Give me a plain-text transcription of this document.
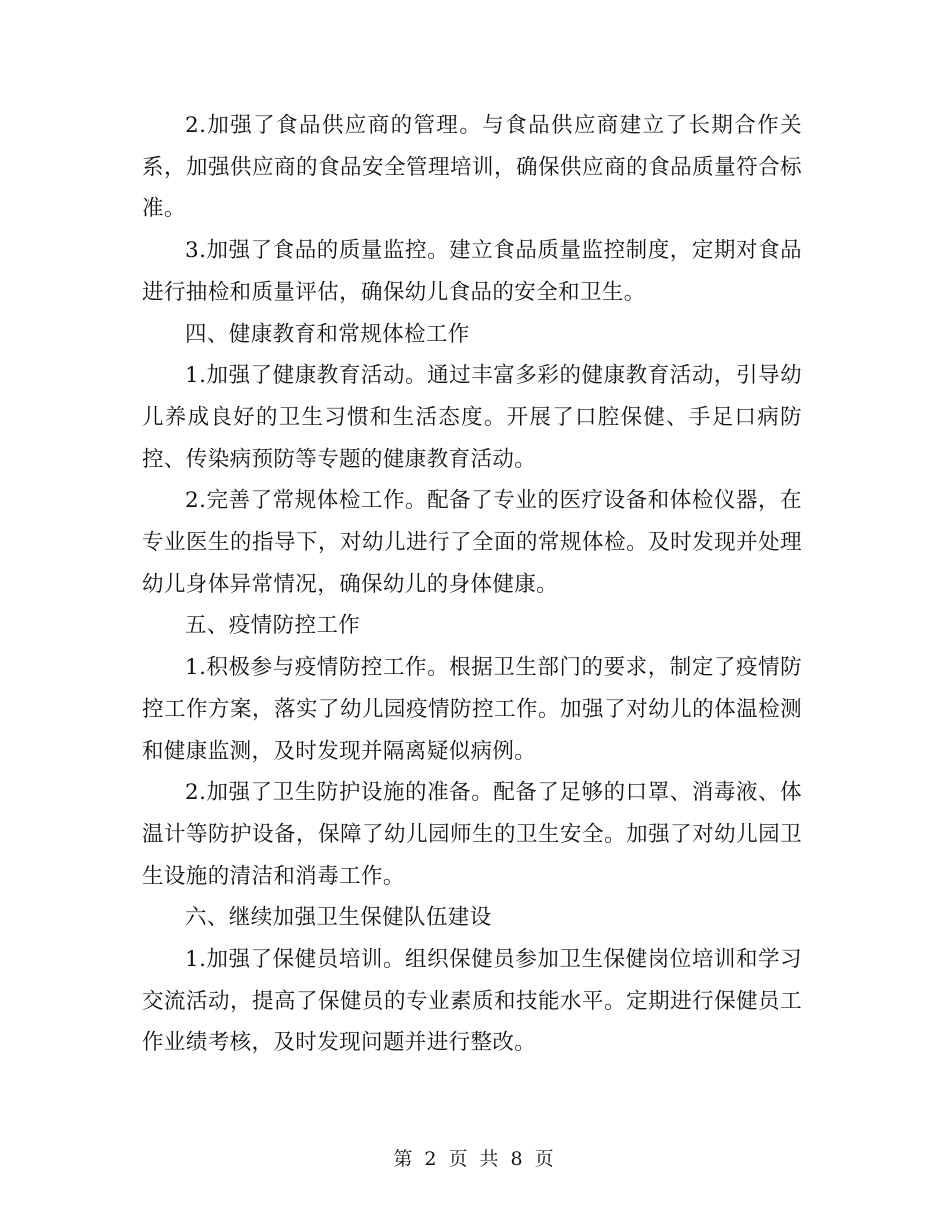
2.加强了食品供应商的管理。与食品供应商建立了长期合作关系，加强供应商的食品安全管理培训，确保供应商的食品质量符合标准。

3.加强了食品的质量监控。建立食品质量监控制度，定期对食品进行抽检和质量评估，确保幼儿食品的安全和卫生。

四、健康教育和常规体检工作

1.加强了健康教育活动。通过丰富多彩的健康教育活动，引导幼儿养成良好的卫生习惯和生活态度。开展了口腔保健、手足口病防控、传染病预防等专题的健康教育活动。

2.完善了常规体检工作。配备了专业的医疗设备和体检仪器，在专业医生的指导下，对幼儿进行了全面的常规体检。及时发现并处理幼儿身体异常情况，确保幼儿的身体健康。

五、疫情防控工作

1.积极参与疫情防控工作。根据卫生部门的要求，制定了疫情防控工作方案，落实了幼儿园疫情防控工作。加强了对幼儿的体温检测和健康监测，及时发现并隔离疑似病例。

2.加强了卫生防护设施的准备。配备了足够的口罩、消毒液、体温计等防护设备，保障了幼儿园师生的卫生安全。加强了对幼儿园卫生设施的清洁和消毒工作。

六、继续加强卫生保健队伍建设

1.加强了保健员培训。组织保健员参加卫生保健岗位培训和学习交流活动，提高了保健员的专业素质和技能水平。定期进行保健员工作业绩考核，及时发现问题并进行整改。

第 2 页 共 8 页
